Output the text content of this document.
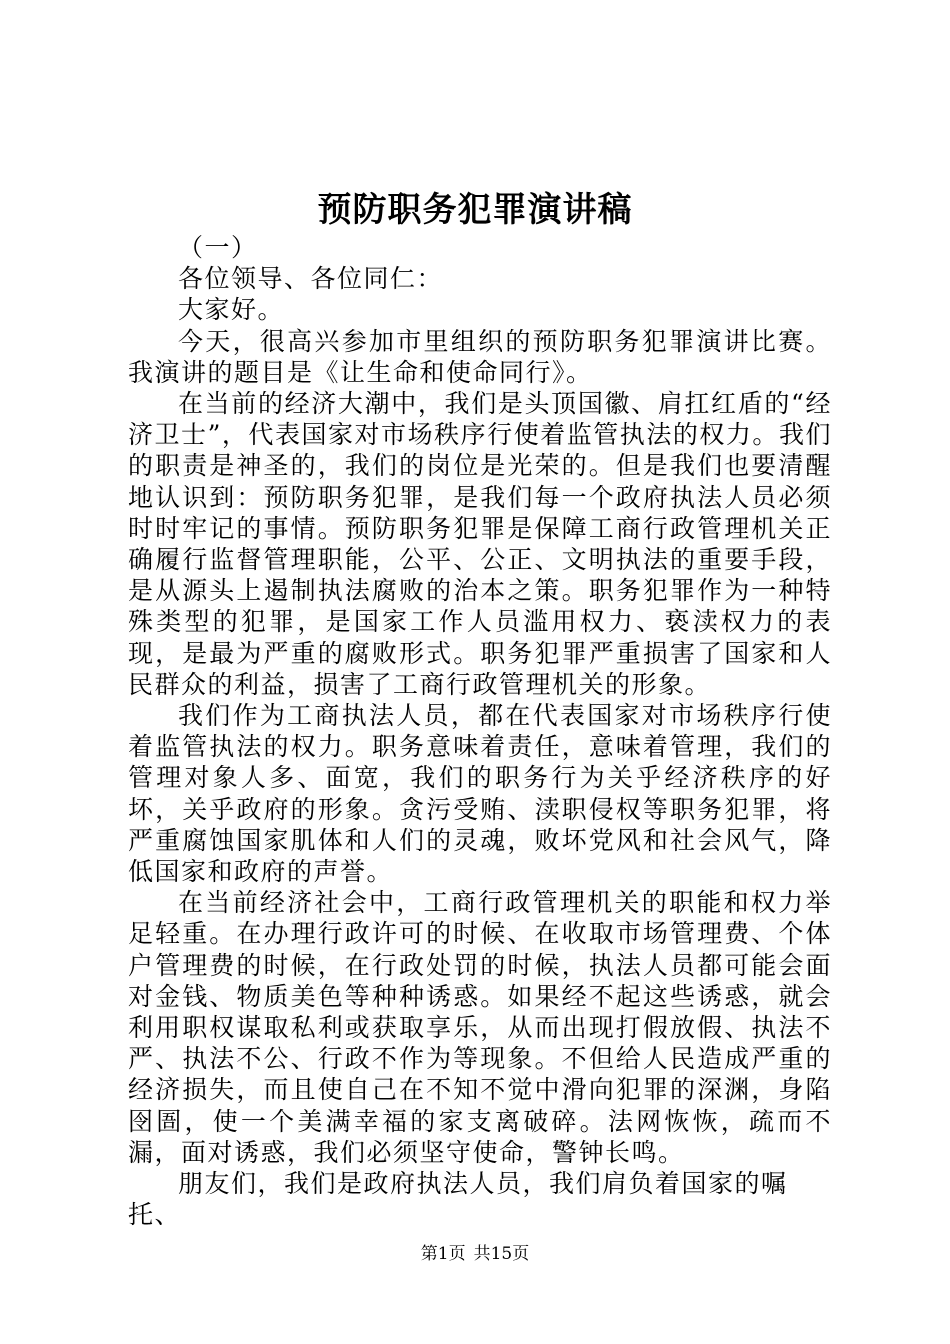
预防职务犯罪演讲稿

（一）

各位领导、各位同仁：

大家好。

今天，很高兴参加市里组织的预防职务犯罪演讲比赛。我演讲的题目是《让生命和使命同行》。

在当前的经济大潮中，我们是头顶国徽、肩扛红盾的“经济卫士”，代表国家对市场秩序行使着监管执法的权力。我们的职责是神圣的，我们的岗位是光荣的。但是我们也要清醒地认识到：预防职务犯罪，是我们每一个政府执法人员必须时时牢记的事情。预防职务犯罪是保障工商行政管理机关正确履行监督管理职能，公平、公正、文明执法的重要手段，是从源头上遏制执法腐败的治本之策。职务犯罪作为一种特殊类型的犯罪，是国家工作人员滥用权力、亵渎权力的表现，是最为严重的腐败形式。职务犯罪严重损害了国家和人民群众的利益，损害了工商行政管理机关的形象。

我们作为工商执法人员，都在代表国家对市场秩序行使着监管执法的权力。职务意味着责任，意味着管理，我们的管理对象人多、面宽，我们的职务行为关乎经济秩序的好坏，关乎政府的形象。贪污受贿、渎职侵权等职务犯罪，将严重腐蚀国家肌体和人们的灵魂，败坏党风和社会风气，降低国家和政府的声誉。

在当前经济社会中，工商行政管理机关的职能和权力举足轻重。在办理行政许可的时候、在收取市场管理费、个体户管理费的时候，在行政处罚的时候，执法人员都可能会面对金钱、物质美色等种种诱惑。如果经不起这些诱惑，就会利用职权谋取私利或获取享乐，从而出现打假放假、执法不严、执法不公、行政不作为等现象。不但给人民造成严重的经济损失，而且使自己在不知不觉中滑向犯罪的深渊，身陷囹圄，使一个美满幸福的家支离破碎。法网恢恢，疏而不漏，面对诱惑，我们必须坚守使命，警钟长鸣。

朋友们，我们是政府执法人员，我们肩负着国家的嘱托、

第1页 共15页
